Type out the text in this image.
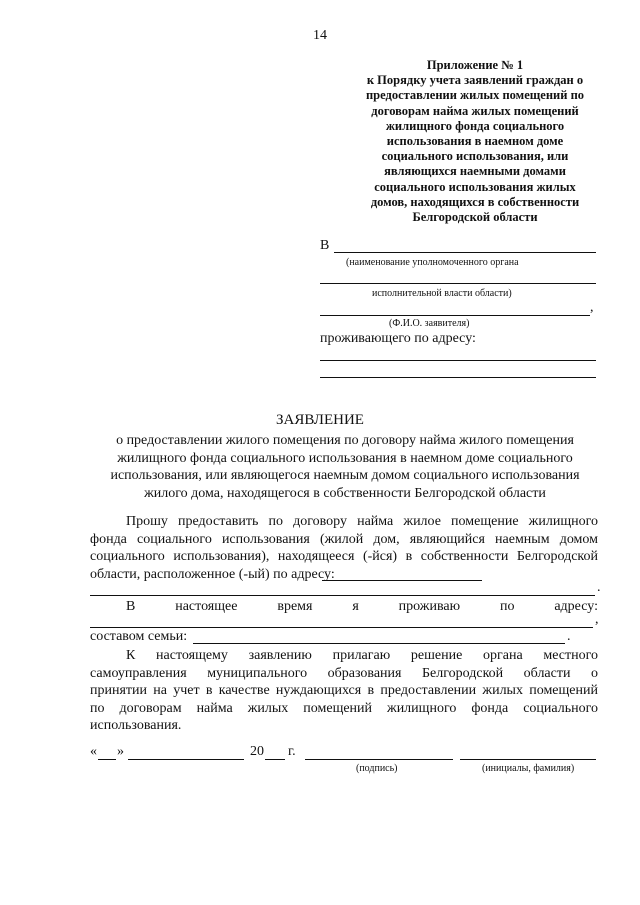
14
Приложение № 1
к Порядку учета заявлений граждан о
предоставлении жилых помещений по
договорам найма жилых помещений
жилищного фонда социального
использования в наемном доме
социального использования, или
являющихся наемными домами
социального использования жилых
домов, находящихся в собственности
Белгородской области
В
(наименование уполномоченного органа
исполнительной власти области)
,
(Ф.И.О. заявителя)
проживающего по адресу:
ЗАЯВЛЕНИЕ
о предоставлении жилого помещения по договору найма жилого помещения
жилищного фонда социального использования в наемном доме социального
использования, или являющегося наемным домом социального использования
жилого дома, находящегося в собственности Белгородской области
Прошу предоставить по договору найма жилое помещение жилищного
фонда социального использования (жилой дом, являющийся наемным домом
социального использования), находящееся (-йся) в собственности Белгородской
области, расположенное (-ый) по адресу:
.
В	настоящее	время	я	проживаю	по	адресу:
,
составом семьи:	.
К настоящему заявлению прилагаю решение органа местного
самоуправления муниципального образования Белгородской области о
принятии на учет в качестве нуждающихся в предоставлении жилых помещений
по договорам найма жилых помещений жилищного фонда социального
использования.
« »	20 г.
(подпись)	(инициалы, фамилия)
